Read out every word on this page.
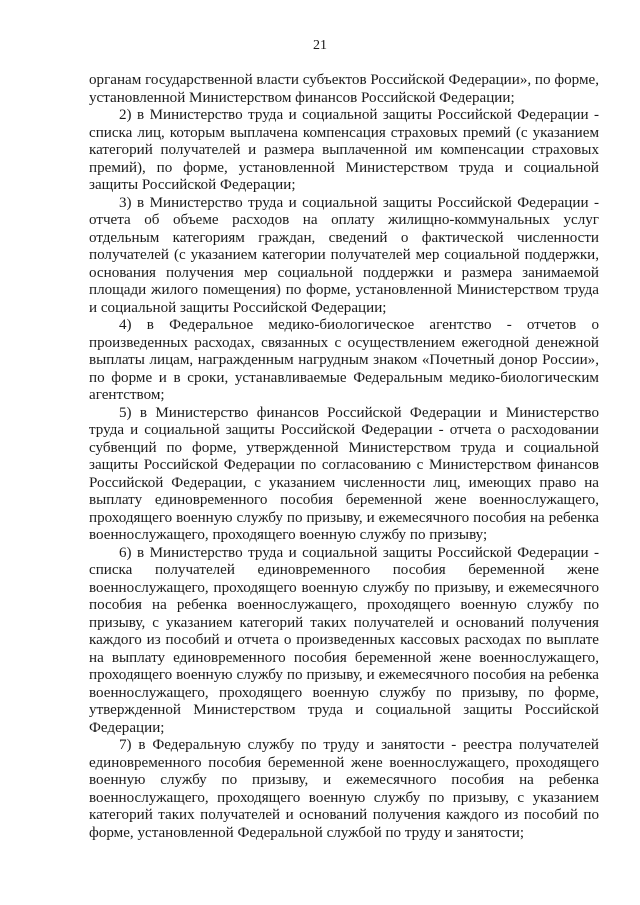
21

органам государственной власти субъектов Российской Федерации», по форме, установленной Министерством финансов Российской Федерации;

2) в Министерство труда и социальной защиты Российской Федерации - списка лиц, которым выплачена компенсация страховых премий (с указанием категорий получателей и размера выплаченной им компенсации страховых премий), по форме, установленной Министерством труда и социальной защиты Российской Федерации;

3) в Министерство труда и социальной защиты Российской Федерации - отчета об объеме расходов на оплату жилищно-коммунальных услуг отдельным категориям граждан, сведений о фактической численности получателей (с указанием категории получателей мер социальной поддержки, основания получения мер социальной поддержки и размера занимаемой площади жилого помещения) по форме, установленной Министерством труда и социальной защиты Российской Федерации;

4) в Федеральное медико-биологическое агентство - отчетов о произведенных расходах, связанных с осуществлением ежегодной денежной выплаты лицам, награжденным нагрудным знаком «Почетный донор России», по форме и в сроки, устанавливаемые Федеральным медико-биологическим агентством;

5) в Министерство финансов Российской Федерации и Министерство труда и социальной защиты Российской Федерации - отчета о расходовании субвенций по форме, утвержденной Министерством труда и социальной защиты Российской Федерации по согласованию с Министерством финансов Российской Федерации, с указанием численности лиц, имеющих право на выплату единовременного пособия беременной жене военнослужащего, проходящего военную службу по призыву, и ежемесячного пособия на ребенка военнослужащего, проходящего военную службу по призыву;

6) в Министерство труда и социальной защиты Российской Федерации - списка получателей единовременного пособия беременной жене военнослужащего, проходящего военную службу по призыву, и ежемесячного пособия на ребенка военнослужащего, проходящего военную службу по призыву, с указанием категорий таких получателей и оснований получения каждого из пособий и отчета о произведенных кассовых расходах по выплате на выплату единовременного пособия беременной жене военнослужащего, проходящего военную службу по призыву, и ежемесячного пособия на ребенка военнослужащего, проходящего военную службу по призыву, по форме, утвержденной Министерством труда и социальной защиты Российской Федерации;

7) в Федеральную службу по труду и занятости - реестра получателей единовременного пособия беременной жене военнослужащего, проходящего военную службу по призыву, и ежемесячного пособия на ребенка военнослужащего, проходящего военную службу по призыву, с указанием категорий таких получателей и оснований получения каждого из пособий по форме, установленной Федеральной службой по труду и занятости;
